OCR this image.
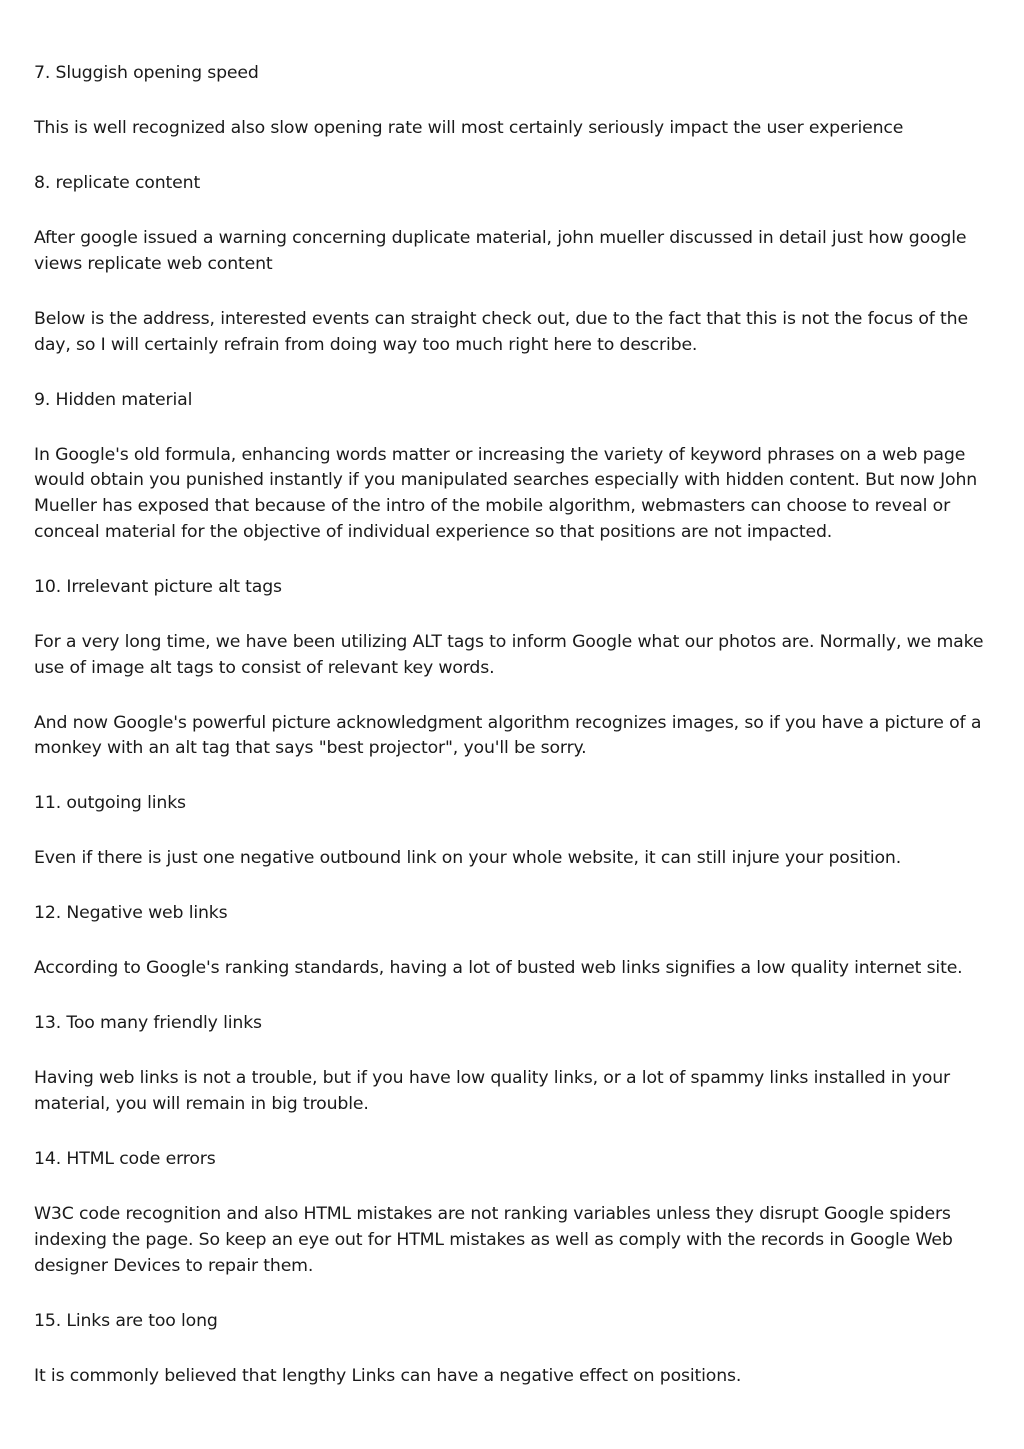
7. Sluggish opening speed

This is well recognized also slow opening rate will most certainly seriously impact the user experience

8. replicate content

After google issued a warning concerning duplicate material, john mueller discussed in detail just how google views replicate web content

Below is the address, interested events can straight check out, due to the fact that this is not the focus of the day, so I will certainly refrain from doing way too much right here to describe.

9. Hidden material

In Google's old formula, enhancing words matter or increasing the variety of keyword phrases on a web page would obtain you punished instantly if you manipulated searches especially with hidden content. But now John Mueller has exposed that because of the intro of the mobile algorithm, webmasters can choose to reveal or conceal material for the objective of individual experience so that positions are not impacted.

10. Irrelevant picture alt tags

For a very long time, we have been utilizing ALT tags to inform Google what our photos are. Normally, we make use of image alt tags to consist of relevant key words.

And now Google's powerful picture acknowledgment algorithm recognizes images, so if you have a picture of a monkey with an alt tag that says "best projector", you'll be sorry.

11. outgoing links

Even if there is just one negative outbound link on your whole website, it can still injure your position.

12. Negative web links

According to Google's ranking standards, having a lot of busted web links signifies a low quality internet site.

13. Too many friendly links

Having web links is not a trouble, but if you have low quality links, or a lot of spammy links installed in your material, you will remain in big trouble.

14. HTML code errors

W3C code recognition and also HTML mistakes are not ranking variables unless they disrupt Google spiders indexing the page. So keep an eye out for HTML mistakes as well as comply with the records in Google Web designer Devices to repair them.

15. Links are too long

It is commonly believed that lengthy Links can have a negative effect on positions.
